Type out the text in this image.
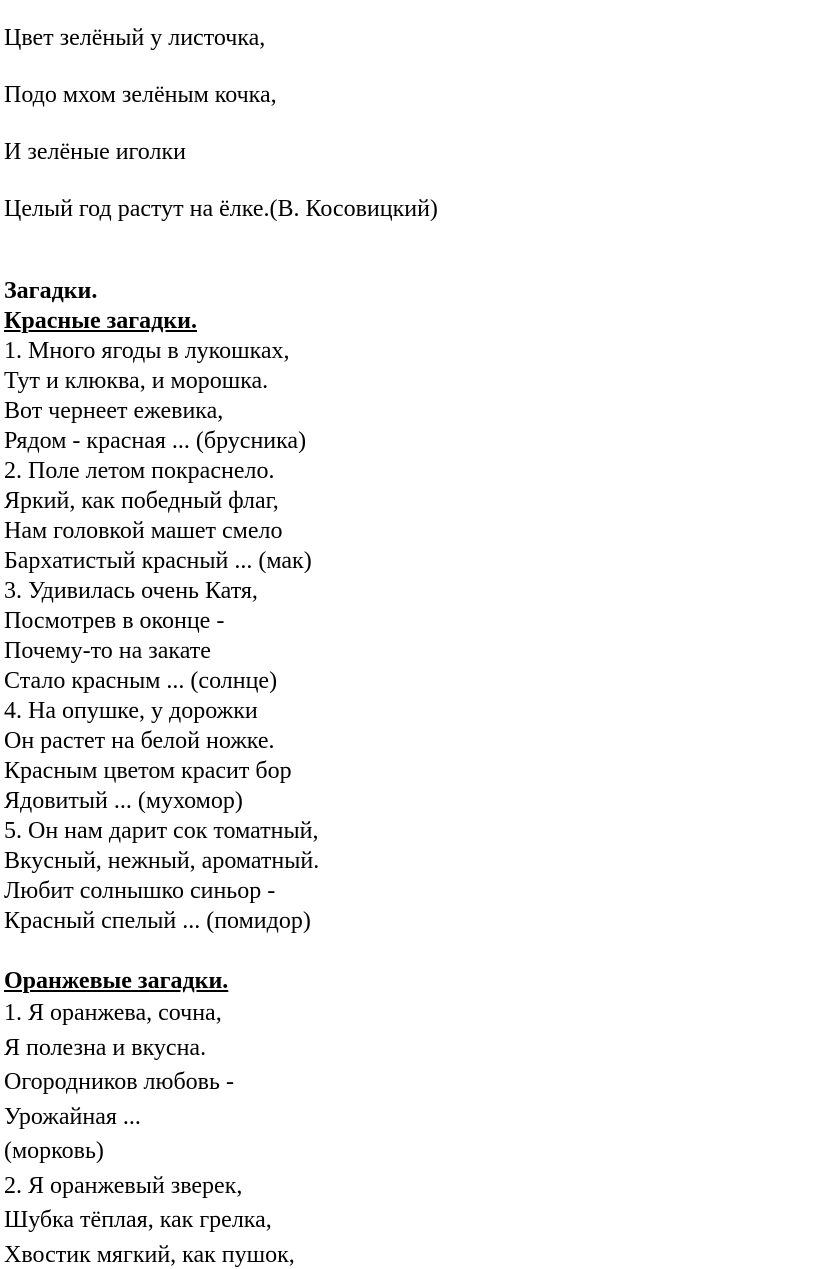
Цвет зелёный у листочка,
Подо мхом зелёным кочка,
И зелёные иголки
Целый год растут на ёлке.(В. Косовицкий)
Загадки.
Красные загадки.
1. Много ягоды в лукошках,
Тут и клюква, и морошка.
Вот чернеет ежевика,
Рядом - красная ... (брусника)
2. Поле летом покраснело.
Яркий, как победный флаг,
Нам головкой машет смело
Бархатистый красный ... (мак)
3. Удивилась очень Катя,
Посмотрев в оконце -
Почему-то на закате
Стало красным ... (солнце)
4. На опушке, у дорожки
Он растет на белой ножке.
Красным цветом красит бор
Ядовитый ... (мухомор)
5. Он нам дарит сок томатный,
Вкусный, нежный, ароматный.
Любит солнышко синьор -
Красный спелый ... (помидор)
Оранжевые загадки.
1. Я оранжева, сочна,
Я полезна и вкусна.
Огородников любовь -
Урожайная ...
(морковь)
2. Я оранжевый зверек,
Шубка тёплая, как грелка,
Хвостик мягкий, как пушок,
